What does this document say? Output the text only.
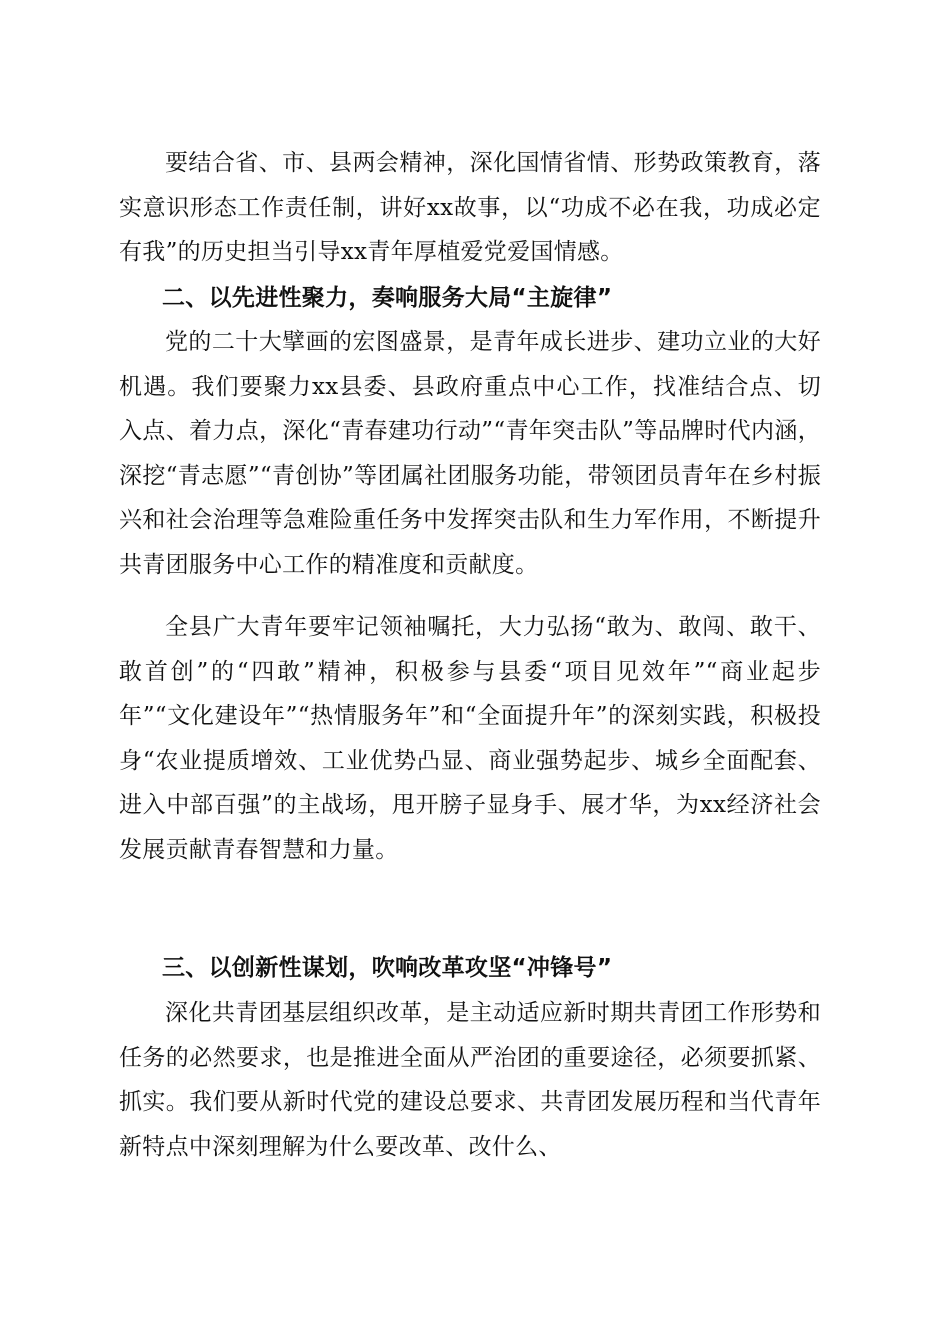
要结合省、市、县两会精神，深化国情省情、形势政策教育，落实意识形态工作责任制，讲好xx故事，以“功成不必在我，功成必定有我”的历史担当引导xx青年厚植爱党爱国情感。

二、以先进性聚力，奏响服务大局“主旋律”

党的二十大擘画的宏图盛景，是青年成长进步、建功立业的大好机遇。我们要聚力xx县委、县政府重点中心工作，找准结合点、切入点、着力点，深化“青春建功行动”“青年突击队”等品牌时代内涵，深挖“青志愿”“青创协”等团属社团服务功能，带领团员青年在乡村振兴和社会治理等急难险重任务中发挥突击队和生力军作用，不断提升共青团服务中心工作的精准度和贡献度。

全县广大青年要牢记领袖嘱托，大力弘扬“敢为、敢闯、敢干、敢首创”的“四敢”精神，积极参与县委“项目见效年”“商业起步年”“文化建设年”“热情服务年”和“全面提升年”的深刻实践，积极投身“农业提质增效、工业优势凸显、商业强势起步、城乡全面配套、进入中部百强”的主战场，甩开膀子显身手、展才华，为xx经济社会发展贡献青春智慧和力量。

三、以创新性谋划，吹响改革攻坚“冲锋号”

深化共青团基层组织改革，是主动适应新时期共青团工作形势和任务的必然要求，也是推进全面从严治团的重要途径，必须要抓紧、抓实。我们要从新时代党的建设总要求、共青团发展历程和当代青年新特点中深刻理解为什么要改革、改什么、
